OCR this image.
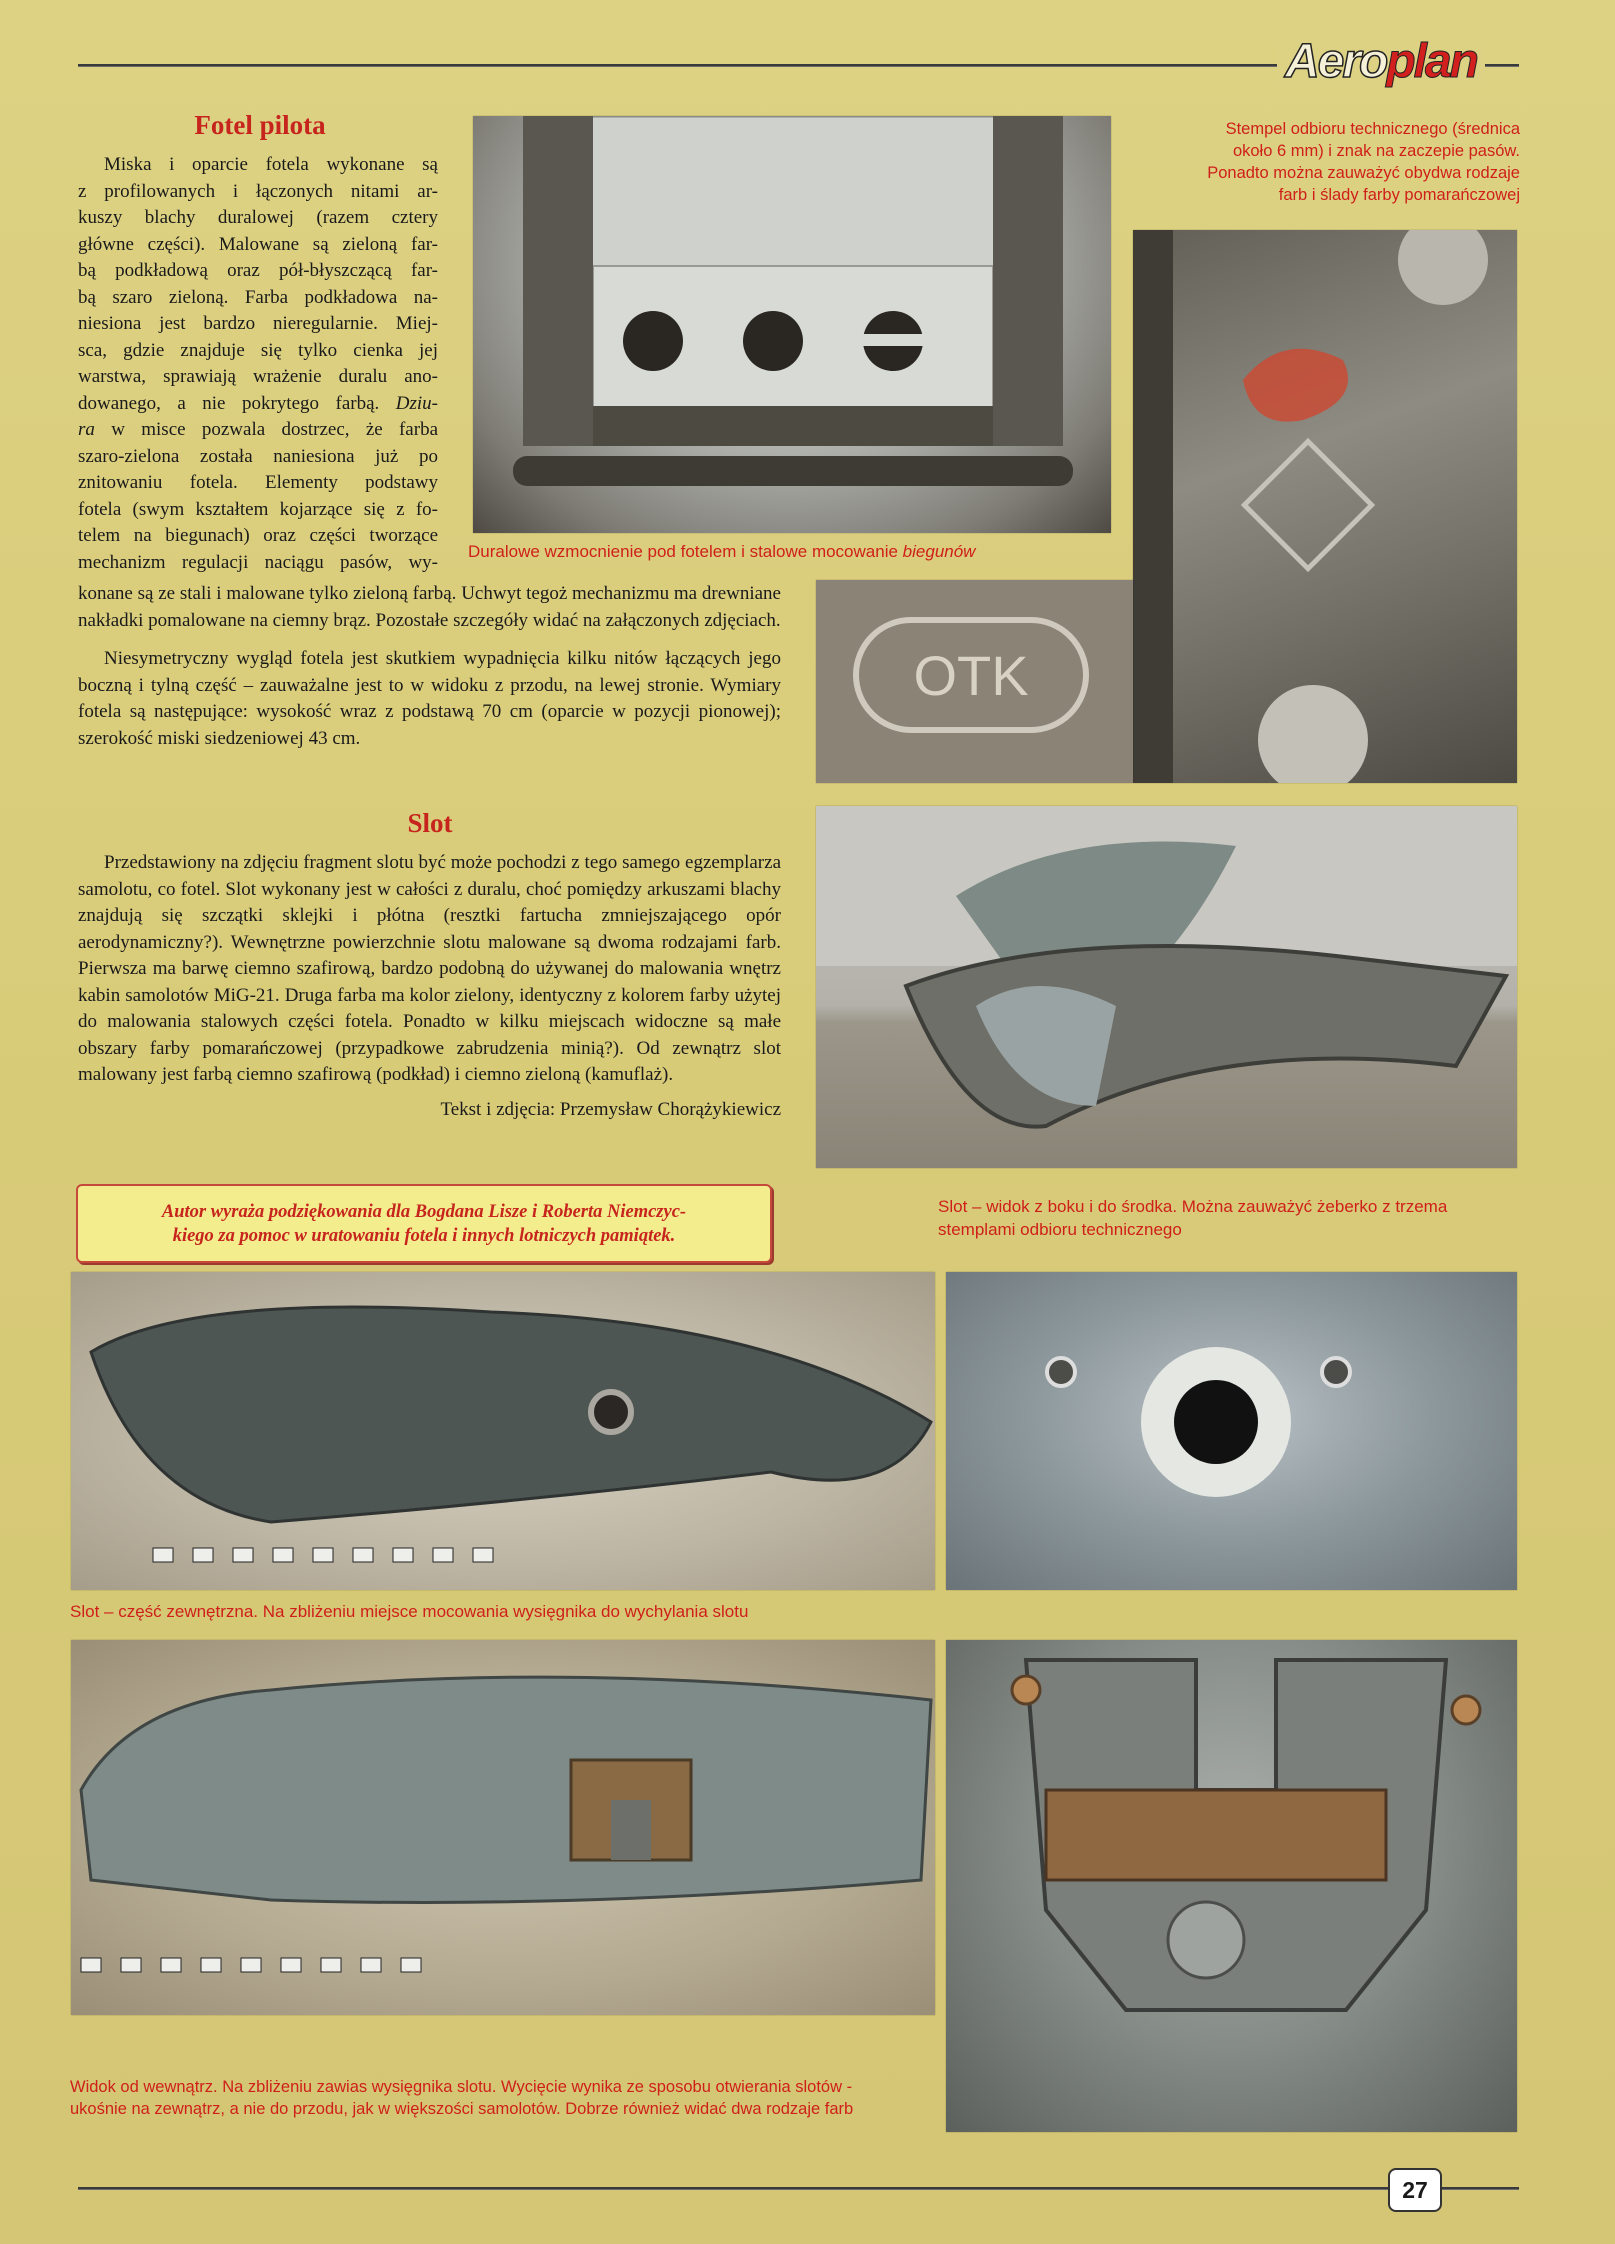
Aeroplan
Fotel pilota
Miska i oparcie fotela wykonane są
z profilowanych i łączonych nitami ar-
kuszy blachy duralowej (razem cztery
główne części). Malowane są zieloną far-
bą podkładową oraz pół-błyszczącą far-
bą szaro zieloną. Farba podkładowa na-
niesiona jest bardzo nieregularnie. Miej-
sca, gdzie znajduje się tylko cienka jej
warstwa, sprawiają wrażenie duralu ano-
dowanego, a nie pokrytego farbą. Dziu-
ra w misce pozwala dostrzec, że farba
szaro-zielona została naniesiona już po
znitowaniu fotela. Elementy podstawy
fotela (swym kształtem kojarzące się z fo-
telem na biegunach) oraz części tworzące
mechanizm regulacji naciągu pasów, wy-

konane są ze stali i malowane tylko zieloną farbą. Uchwyt tegoż mechanizmu ma drewniane nakładki pomalowane na ciemny brąz. Pozostałe szczegóły widać na załączonych zdjęciach.

Niesymetryczny wygląd fotela jest skutkiem wypadnięcia kilku nitów łączących jego boczną i tylną część – zauważalne jest to w widoku z przodu, na lewej stronie. Wymiary fotela są następujące: wysokość wraz z podstawą 70 cm (oparcie w pozycji pionowej); szerokość miski siedzeniowej 43 cm.

Slot

Przedstawiony na zdjęciu fragment slotu być może pochodzi z tego samego egzemplarza samolotu, co fotel. Slot wykonany jest w całości z duralu, choć pomiędzy arkuszami blachy znajdują się szczątki sklejki i płótna (resztki fartucha zmniejszającego opór aerodynamiczny?). Wewnętrzne powierzchnie slotu malowane są dwoma rodzajami farb. Pierwsza ma barwę ciemno szafirową, bardzo podobną do używanej do malowania wnętrz kabin samolotów MiG-21. Druga farba ma kolor zielony, identyczny z kolorem farby użytej do malowania stalowych części fotela. Ponadto w kilku miejscach widoczne są małe obszary farby pomarańczowej (przypadkowe zabrudzenia minią?). Od zewnątrz slot malowany jest farbą ciemno szafirową (podkład) i ciemno zieloną (kamuflaż).

Tekst i zdjęcia: Przemysław Chorążykiewicz

Autor wyraża podziękowania dla Bogdana Lisze i Roberta Niemczyc-
kiego za pomoc w uratowaniu fotela i innych lotniczych pamiątek.
Duralowe wzmocnienie pod fotelem i stalowe mocowanie biegunów
Stempel odbioru technicznego (średnica
około 6 mm) i znak na zaczepie pasów.
Ponadto można zauważyć obydwa rodzaje
farb i ślady farby pomarańczowej
OTK
Slot – widok z boku i do środka. Można zauważyć żeberko z trzema
stemplami odbioru technicznego
Slot – część zewnętrzna. Na zbliżeniu miejsce mocowania wysięgnika do wychylania slotu
Widok od wewnątrz. Na zbliżeniu zawias wysięgnika slotu. Wycięcie wynika ze sposobu otwierania slotów -
ukośnie na zewnątrz, a nie do przodu, jak w większości samolotów. Dobrze również widać dwa rodzaje farb
27
